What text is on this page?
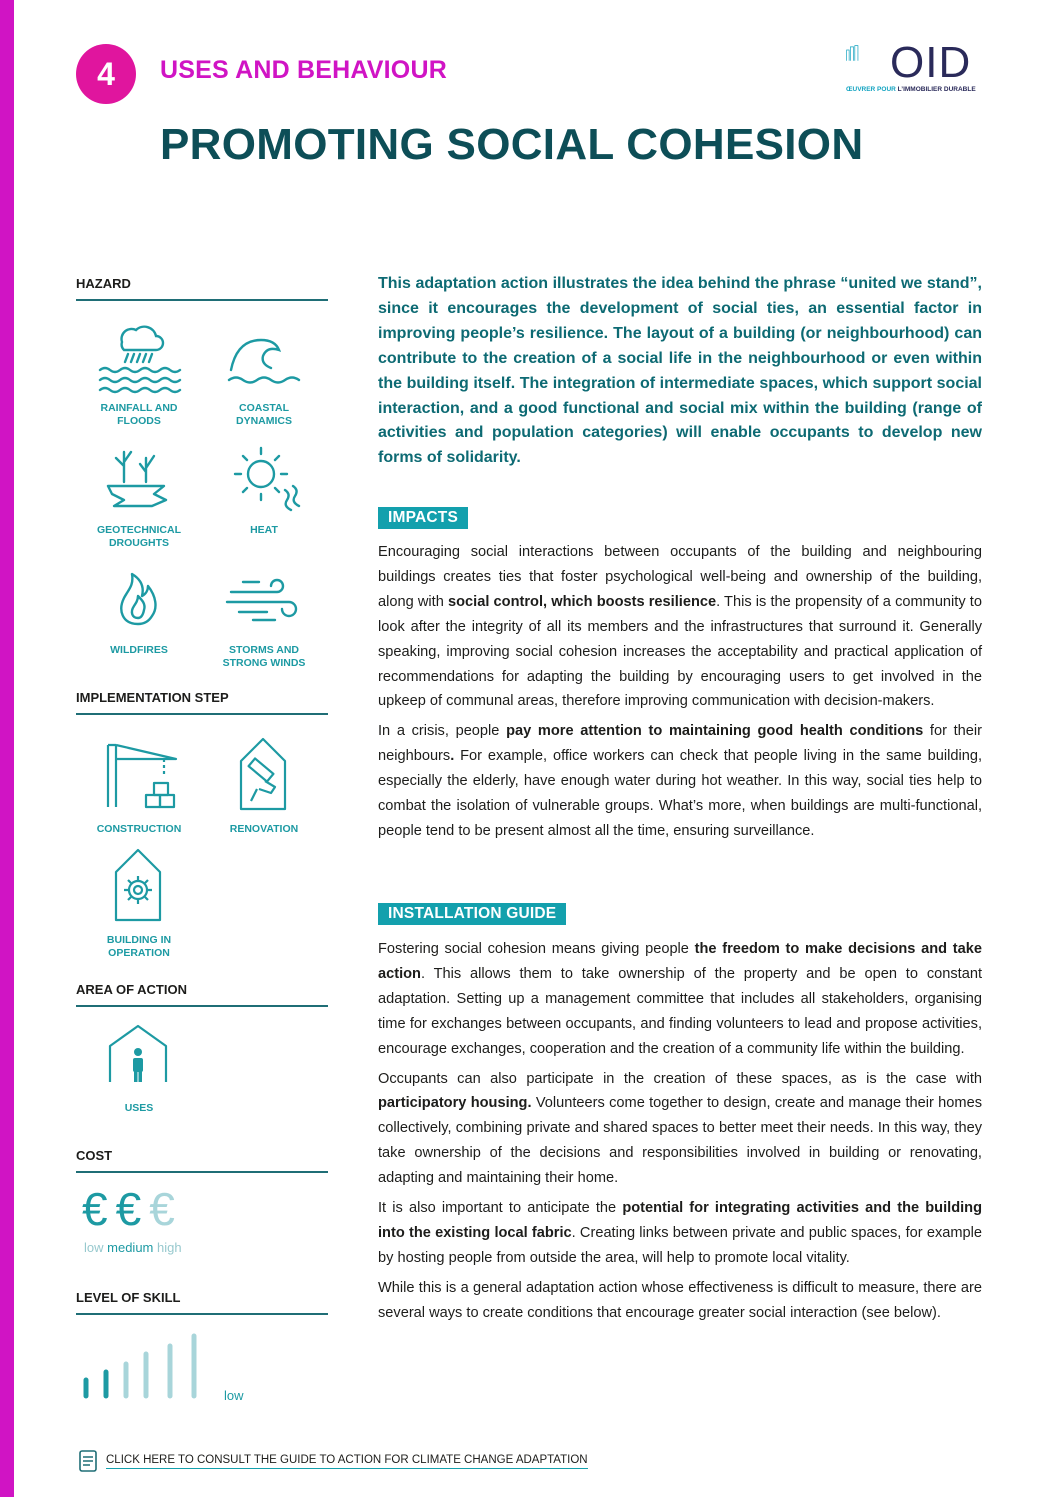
4	USES AND BEHAVIOUR	OID
ŒUVRER POUR L’IMMOBILIER DURABLE
PROMOTING SOCIAL COHESION
HAZARD
RAINFALL AND
FLOODS
COASTAL
DYNAMICS
GEOTECHNICAL
DROUGHTS
HEAT
WILDFIRES	STORMS AND
STRONG WINDS
IMPLEMENTATION STEP
CONSTRUCTION	RENOVATION
BUILDING IN
OPERATION
AREA OF ACTION
USES
COST
€ € €
low medium high
LEVEL OF SKILL
low
This adaptation action illustrates the idea behind the phrase “united we stand”, since it encourages the development of social ties, an essential factor in improving people’s resilience. The layout of a building (or neighbourhood) can contribute to the creation of a social life in the neighbourhood or even within the building itself. The integration of intermediate spaces, which support social interaction, and a good functional and social mix within the building (range of activities and population categories) will enable occupants to develop new forms of solidarity.
IMPACTS

Encouraging social interactions between occupants of the building and neighbouring buildings creates ties that foster psychological well-being and ownership of the building, along with social control, which boosts resilience. This is the propensity of a community to look after the integrity of all its members and the infrastructures that surround it. Generally speaking, improving social cohesion increases the acceptability and practical application of recommendations for adapting the building by encouraging users to get involved in the upkeep of communal areas, therefore improving communication with decision-makers.

In a crisis, people pay more attention to maintaining good health conditions for their neighbours. For example, office workers can check that people living in the same building, especially the elderly, have enough water during hot weather. In this way, social ties help to combat the isolation of vulnerable groups. What’s more, when buildings are multi-functional, people tend to be present almost all the time, ensuring surveillance.

INSTALLATION GUIDE

Fostering social cohesion means giving people the freedom to make decisions and take action. This allows them to take ownership of the property and be open to constant adaptation. Setting up a management committee that includes all stakeholders, organising time for exchanges between occupants, and finding volunteers to lead and propose activities, encourage exchanges, cooperation and the creation of a community life within the building.

Occupants can also participate in the creation of these spaces, as is the case with participatory housing. Volunteers come together to design, create and manage their homes collectively, combining private and shared spaces to better meet their needs. In this way, they take ownership of the decisions and responsibilities involved in building or renovating, adapting and maintaining their home.

It is also important to anticipate the potential for integrating activities and the building into the existing local fabric. Creating links between private and public spaces, for example by hosting people from outside the area, will help to promote local vitality.

While this is a general adaptation action whose effectiveness is difficult to measure, there are several ways to create conditions that encourage greater social interaction (see below).

CLICK HERE TO CONSULT THE GUIDE TO ACTION FOR CLIMATE CHANGE ADAPTATION
